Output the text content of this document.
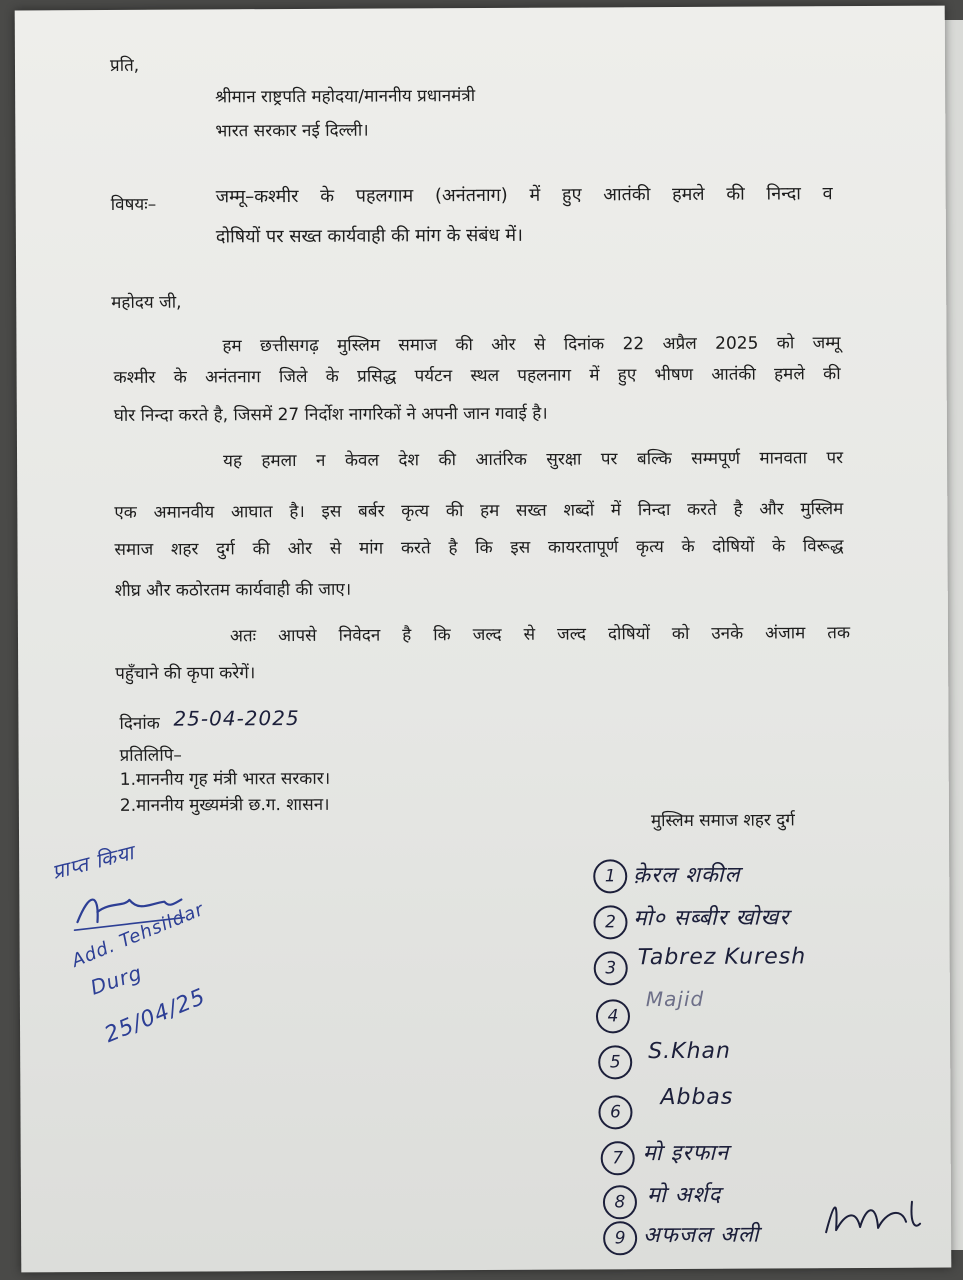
प्रति,
श्रीमान राष्ट्रपति महोदया/माननीय प्रधानमंत्री
भारत सरकार नई दिल्ली।
विषयः–	जम्मू–कश्मीर के पहलगाम (अनंतनाग) में हुए आतंकी हमले की निन्दा व
दोषियों पर सख्त कार्यवाही की मांग के संबंध में।
महोदय जी,
हम छत्तीसगढ़ मुस्लिम समाज की ओर से दिनांक 22 अप्रैल 2025 को जम्मू
कश्मीर के अनंतनाग जिले के प्रसिद्ध पर्यटन स्थल पहलनाग में हुए भीषण आतंकी हमले की
घोर निन्दा करते है, जिसमें 27 निर्दोश नागरिकों ने अपनी जान गवाई है।
यह हमला न केवल देश की आतंरिक सुरक्षा पर बल्कि सम्मपूर्ण मानवता पर
एक अमानवीय आघात है। इस बर्बर कृत्य की हम सख्त शब्दों में निन्दा करते है और मुस्लिम
समाज शहर दुर्ग की ओर से मांग करते है कि इस कायरतापूर्ण कृत्य के दोषियों के विरूद्ध
शीघ्र और कठोरतम कार्यवाही की जाए।
अतः आपसे निवेदन है कि जल्द से जल्द दोषियों को उनके अंजाम तक
पहुँचाने की कृपा करेगें।
दिनांक 25-04-2025
प्रतिलिपि–
1.माननीय गृह मंत्री भारत सरकार।
2.माननीय मुख्यमंत्री छ.ग. शासन।
मुस्लिम समाज शहर दुर्ग
प्राप्त किया
Add. Tehsildar
Durg
25/04/25
1 क़ेरल शकील
2 मो० सब्बीर खोखर
3 Tabrez Kuresh
4
Majid
5	S.Khan
6
Abbas
7 मो इरफान
8 मो अर्शद
9 अफजल अली
